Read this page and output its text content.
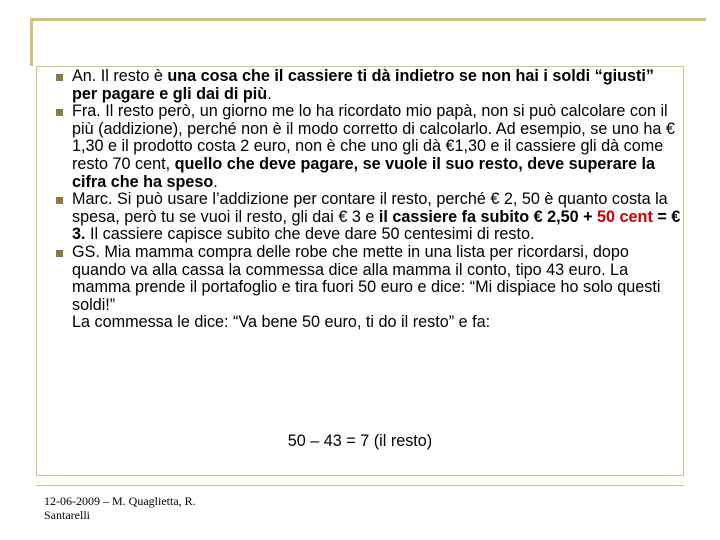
An. Il resto è una cosa che il cassiere ti dà indietro se non hai i soldi “giusti” per pagare e gli dai di più.
Fra. Il resto però, un giorno me lo ha ricordato mio papà, non si può calcolare con il più (addizione), perché non è il modo corretto di calcolarlo. Ad esempio, se uno ha € 1,30 e il prodotto costa 2 euro, non è che uno gli dà €1,30 e il cassiere gli dà come resto 70 cent, quello che deve pagare, se vuole il suo resto, deve superare la cifra che ha speso.
Marc. Si può usare l’addizione per contare il resto, perché € 2, 50 è quanto costa la spesa, però tu se vuoi il resto, gli dai € 3 e il cassiere fa subito € 2,50 + 50 cent = € 3. Il cassiere capisce subito che deve dare 50 centesimi di resto.
GS. Mia mamma compra delle robe che mette in una lista per ricordarsi, dopo quando va alla cassa la commessa dice alla mamma il conto, tipo 43 euro. La mamma prende il portafoglio e tira fuori 50 euro e dice: “Mi dispiace ho solo questi soldi!”
La commessa le dice: “Va bene 50 euro, ti do il resto” e fa:
50 – 43 = 7 (il resto)
12-06-2009 – M. Quaglietta, R. Santarelli
